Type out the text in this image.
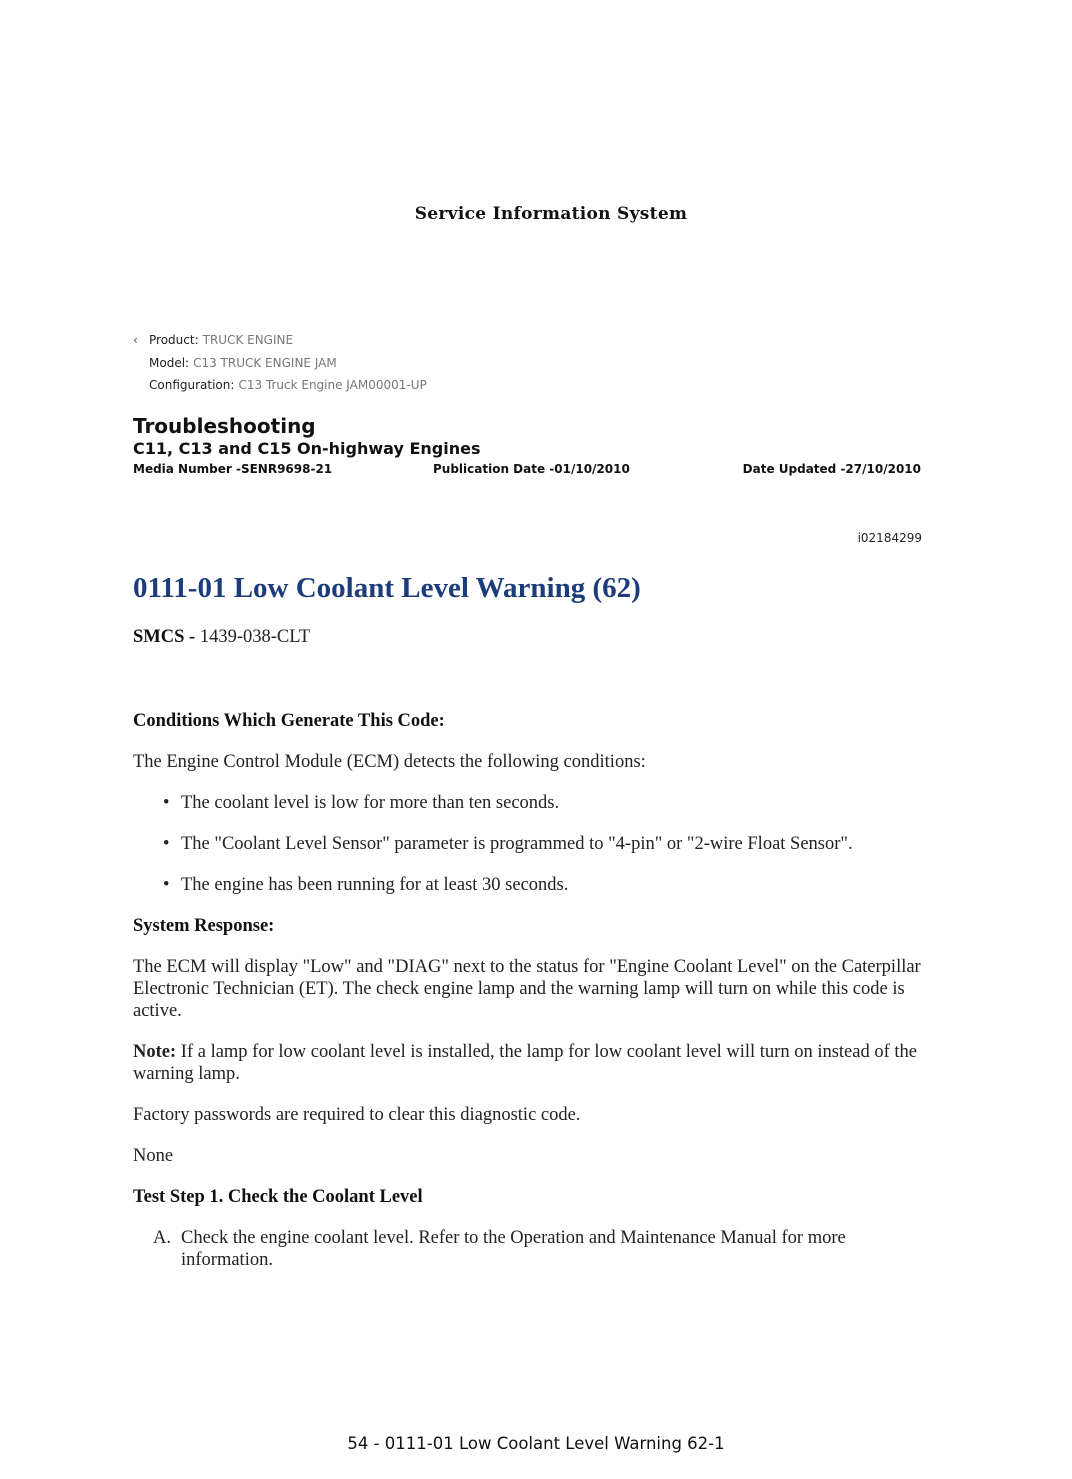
Service Information System
‹ Product: TRUCK ENGINE
Model: C13 TRUCK ENGINE JAM
Configuration: C13 Truck Engine JAM00001-UP
Troubleshooting
C11, C13 and C15 On-highway Engines
Media Number -SENR9698-21	Publication Date -01/10/2010	Date Updated -27/10/2010
i02184299
0111-01 Low Coolant Level Warning (62)
SMCS - 1439-038-CLT
Conditions Which Generate This Code:

The Engine Control Module (ECM) detects the following conditions:

• The coolant level is low for more than ten seconds.
• The "Coolant Level Sensor" parameter is programmed to "4-pin" or "2-wire Float Sensor".
• The engine has been running for at least 30 seconds.
System Response:

The ECM will display "Low" and "DIAG" next to the status for "Engine Coolant Level" on the Caterpillar Electronic Technician (ET). The check engine lamp and the warning lamp will turn on while this code is active.

Note: If a lamp for low coolant level is installed, the lamp for low coolant level will turn on instead of the warning lamp.

Factory passwords are required to clear this diagnostic code.

None

Test Step 1. Check the Coolant Level
A. Check the engine coolant level. Refer to the Operation and Maintenance Manual for more information.
54 - 0111-01 Low Coolant Level Warning 62-1
